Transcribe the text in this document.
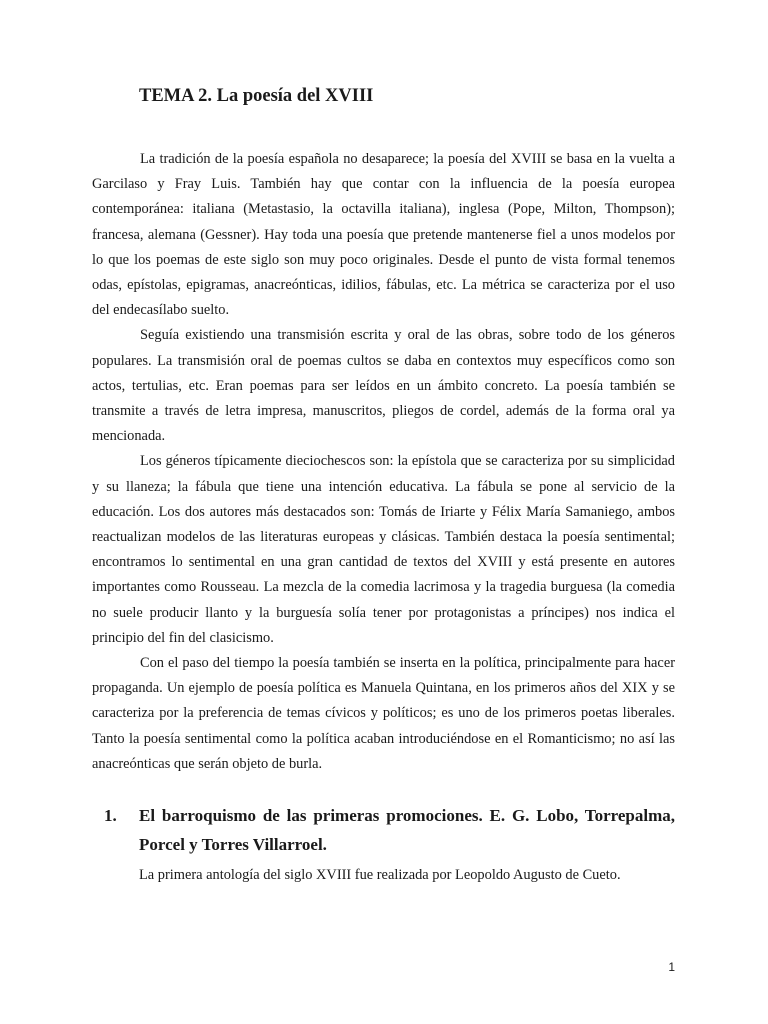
TEMA 2. La poesía del XVIII

La tradición de la poesía española no desaparece; la poesía del XVIII se basa en la vuelta a Garcilaso y Fray Luis. También hay que contar con la influencia de la poesía europea contemporánea: italiana (Metastasio, la octavilla italiana), inglesa (Pope, Milton, Thompson); francesa, alemana (Gessner). Hay toda una poesía que pretende mantenerse fiel a unos modelos por lo que los poemas de este siglo son muy poco originales. Desde el punto de vista formal tenemos odas, epístolas, epigramas, anacreónticas, idilios, fábulas, etc. La métrica se caracteriza por el uso del endecasílabo suelto.

Seguía existiendo una transmisión escrita y oral de las obras, sobre todo de los géneros populares. La transmisión oral de poemas cultos se daba en contextos muy específicos como son actos, tertulias, etc. Eran poemas para ser leídos en un ámbito concreto. La poesía también se transmite a través de letra impresa, manuscritos, pliegos de cordel, además de la forma oral ya mencionada.

Los géneros típicamente dieciochescos son: la epístola que se caracteriza por su simplicidad y su llaneza; la fábula que tiene una intención educativa. La fábula se pone al servicio de la educación. Los dos autores más destacados son: Tomás de Iriarte y Félix María Samaniego, ambos reactualizan modelos de las literaturas europeas y clásicas. También destaca la poesía sentimental; encontramos lo sentimental en una gran cantidad de textos del XVIII y está presente en autores importantes como Rousseau. La mezcla de la comedia lacrimosa y la tragedia burguesa (la comedia no suele producir llanto y la burguesía solía tener por protagonistas a príncipes) nos indica el principio del fin del clasicismo.

Con el paso del tiempo la poesía también se inserta en la política, principalmente para hacer propaganda. Un ejemplo de poesía política es Manuela Quintana, en los primeros años del XIX y se caracteriza por la preferencia de temas cívicos y políticos; es uno de los primeros poetas liberales. Tanto la poesía sentimental como la política acaban introduciéndose en el Romanticismo; no así las anacreónticas que serán objeto de burla.

1.	El barroquismo de las primeras promociones. E. G. Lobo, Torrepalma, Porcel y Torres Villarroel.

La primera antología del siglo XVIII fue realizada por Leopoldo Augusto de Cueto.

1
